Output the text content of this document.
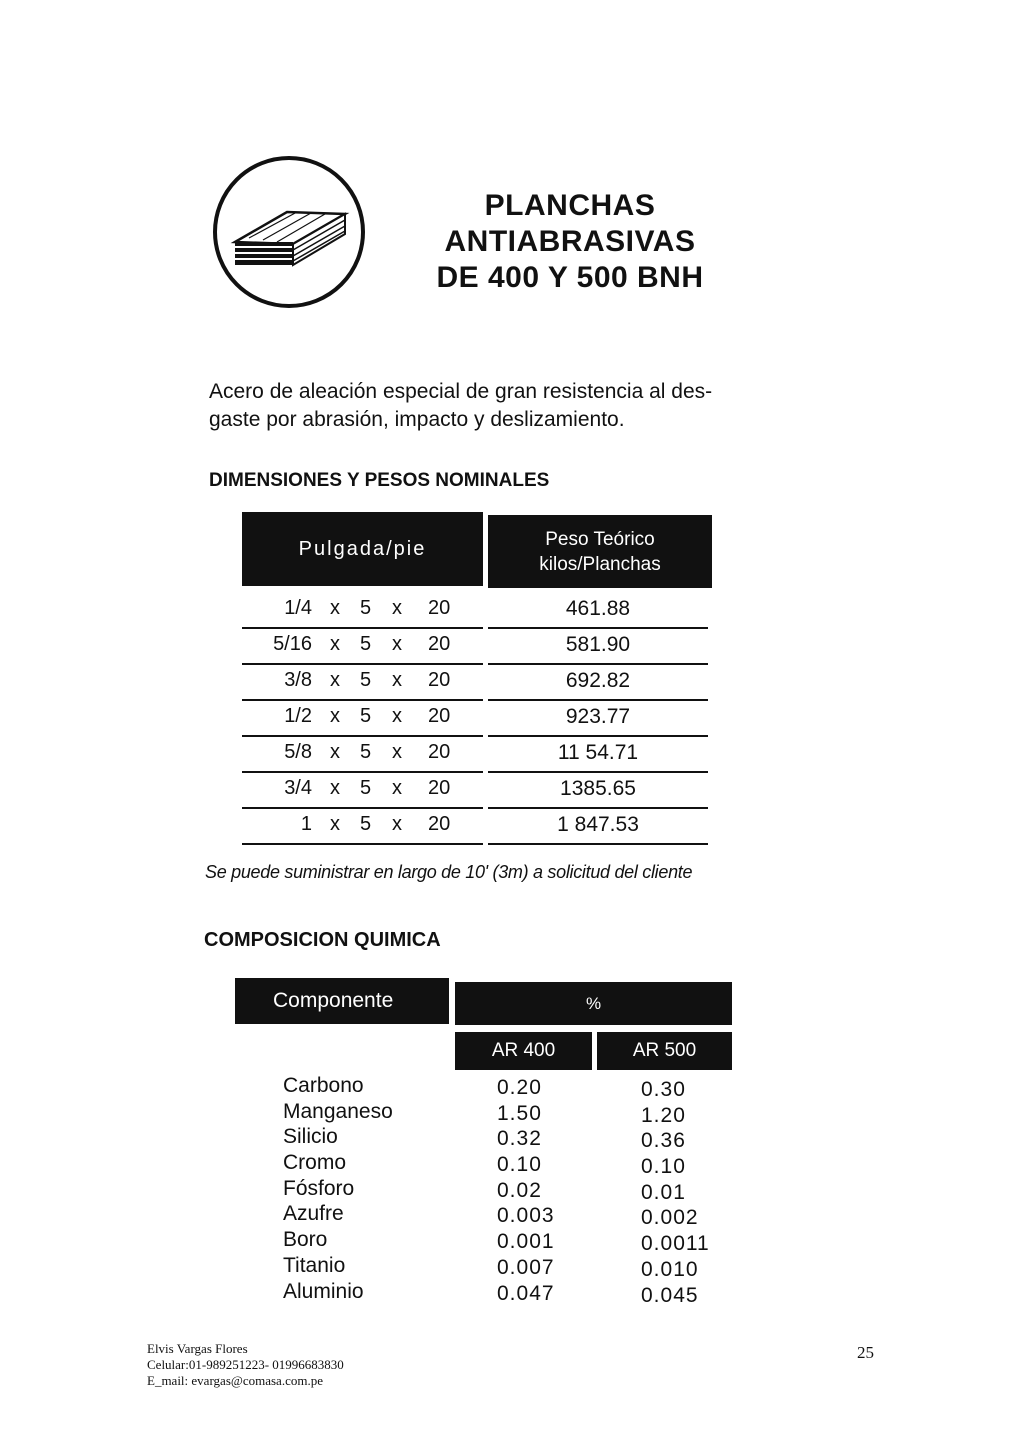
PLANCHAS
ANTIABRASIVAS
DE 400 Y 500 BNH
Acero de aleación especial de gran resistencia al des-
gaste por abrasión, impacto y deslizamiento.
DIMENSIONES Y PESOS NOMINALES
Pulgada/pie	Peso Teórico
kilos/Planchas
1/4 x 5 x 20	461.88
5/16 x 5 x 20	581.90
3/8 x 5 x 20	692.82
1/2 x 5 x 20	923.77
5/8 x 5 x 20	11 54.71
3/4 x 5 x 20	1385.65
1 x 5 x 20	1 847.53
Se puede suministrar en largo de 10' (3m) a solicitud del cliente
COMPOSICION QUIMICA
Componente	%
AR 400	AR 500
Carbono	0.20	0.30
Manganeso	1.50	1.20
Silicio	0.32	0.36
Cromo	0.10	0.10
Fósforo	0.02	0.01
Azufre	0.003	0.002
Boro	0.001	0.0011
Titanio	0.007	0.010
Aluminio	0.047	0.045
Elvis Vargas Flores
Celular:01-989251223- 01996683830
E_mail: evargas@comasa.com.pe
25
